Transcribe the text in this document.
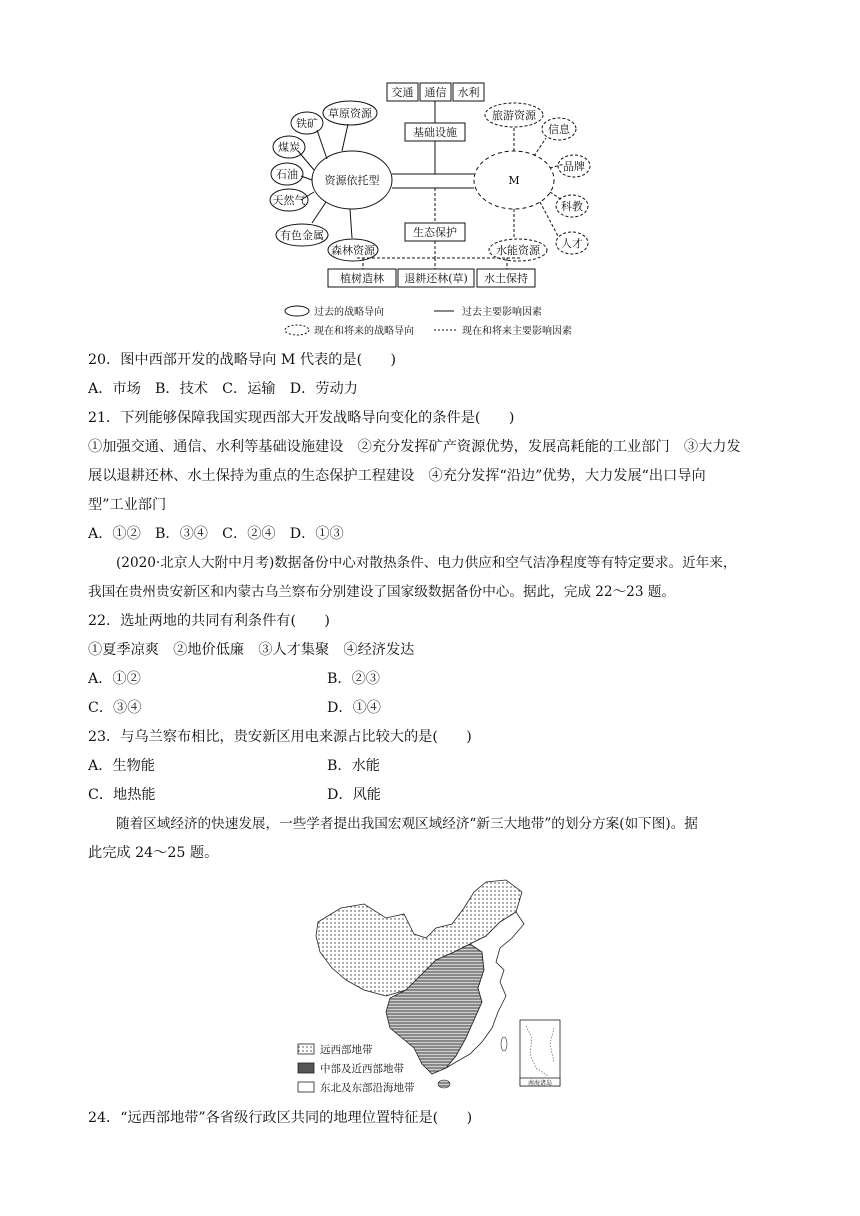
交通 通信 水利
基础设施
资源依托型	M
草原资源
铁矿
煤炭
石油
天然气
有色金属
森林资源
旅游资源
信息
品牌
科教
人才
水能资源
生态保护
植树造林 退耕还林(草) 水土保持
过去的战略导向	过去主要影响因素
现在和将来的战略导向	现在和将来主要影响因素
20．图中西部开发的战略导向 M 代表的是(　　)
A．市场　B．技术　C．运输　D．劳动力
21．下列能够保障我国实现西部大开发战略导向变化的条件是(　　)
①加强交通、通信、水利等基础设施建设　②充分发挥矿产资源优势，发展高耗能的工业部门　③大力发
展以退耕还林、水土保持为重点的生态保护工程建设　④充分发挥“沿边”优势，大力发展“出口导向
型”工业部门
A．①②　B．③④　C．②④　D．①③
(2020·北京人大附中月考)数据备份中心对散热条件、电力供应和空气洁净程度等有特定要求。近年来，
我国在贵州贵安新区和内蒙古乌兰察布分别建设了国家级数据备份中心。据此，完成 22～23 题。
22．选址两地的共同有利条件有(　　)
①夏季凉爽　②地价低廉　③人才集聚　④经济发达
A．①②	B．②③
C．③④	D．①④
23．与乌兰察布相比，贵安新区用电来源占比较大的是(　　)
A．生物能	B．水能
C．地热能	D．风能
随着区域经济的快速发展，一些学者提出我国宏观区域经济“新三大地带”的划分方案(如下图)。据
此完成 24～25 题。
南海诸岛
远西部地带
中部及近西部地带
东北及东部沿海地带
24．“远西部地带”各省级行政区共同的地理位置特征是(　　)
